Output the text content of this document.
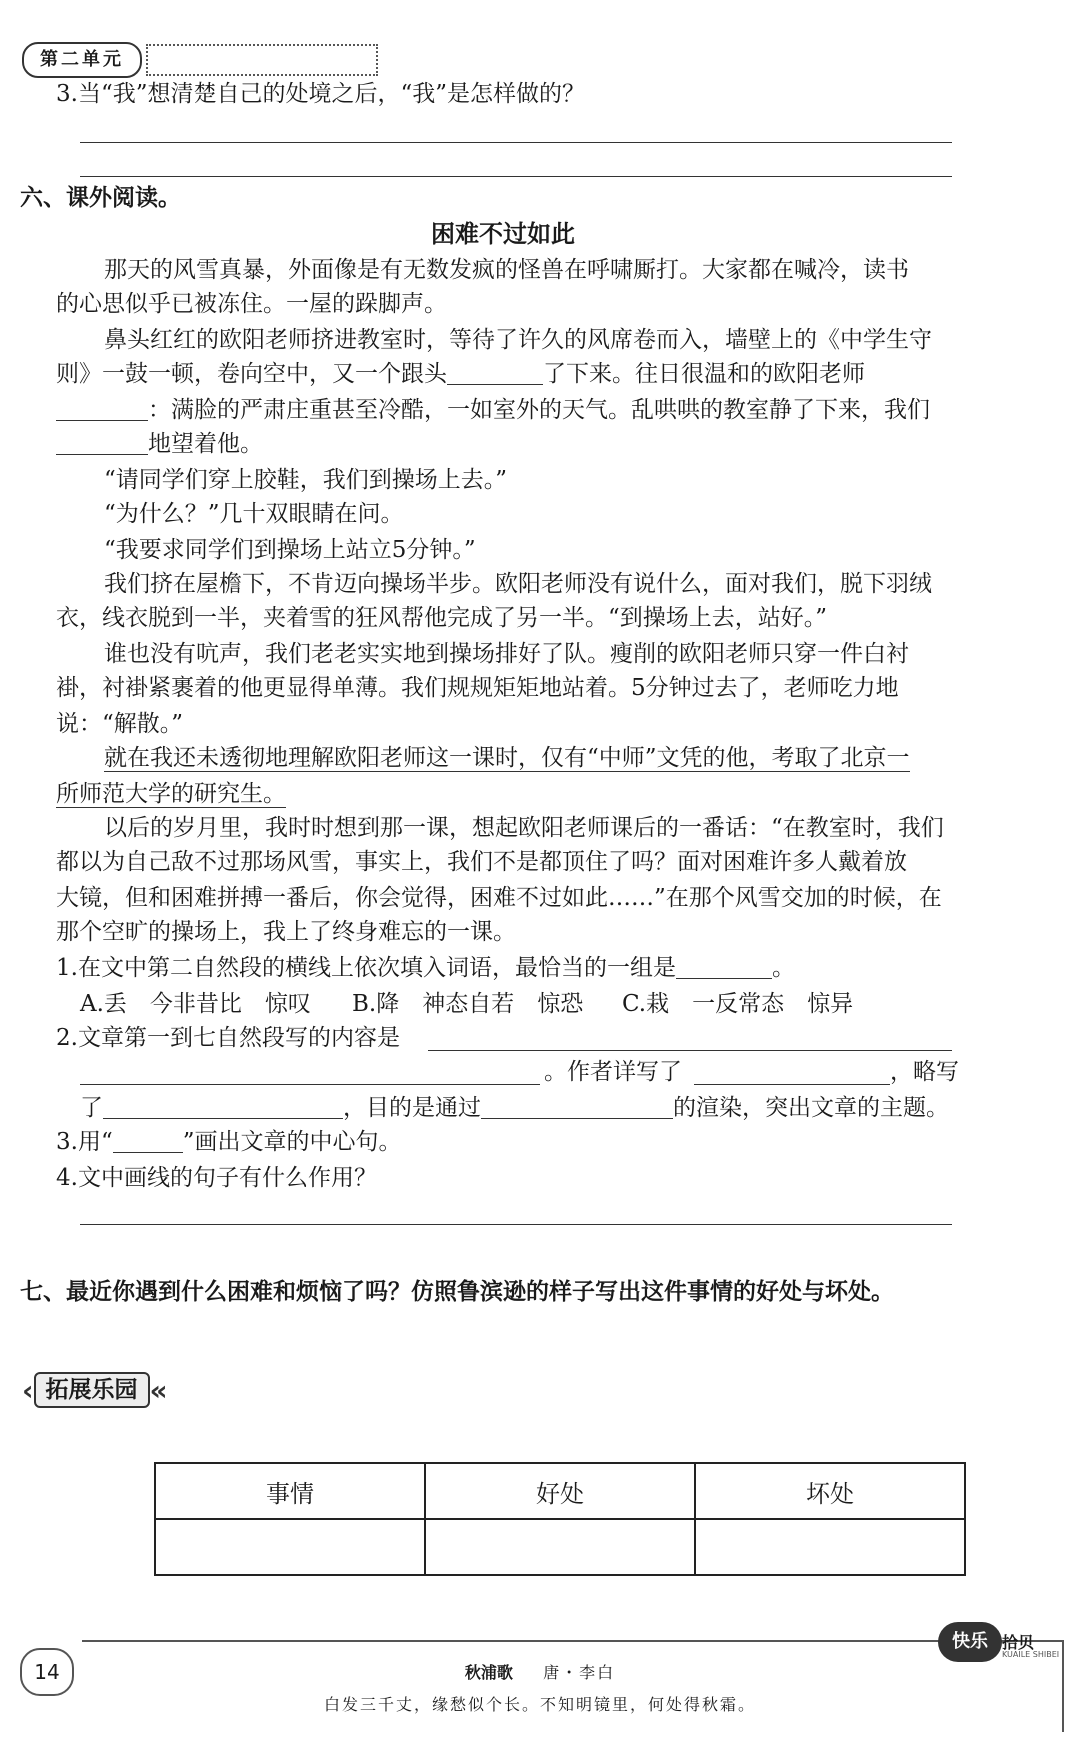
第二单元
3.当“我”想清楚自己的处境之后，“我”是怎样做的？
六、课外阅读。
困难不过如此
那天的风雪真暴，外面像是有无数发疯的怪兽在呼啸厮打。大家都在喊冷，读书
的心思似乎已被冻住。一屋的跺脚声。
鼻头红红的欧阳老师挤进教室时，等待了许久的风席卷而入，墙壁上的《中学生守
则》一鼓一顿，卷向空中，又一个跟头	了下来。往日很温和的欧阳老师
：满脸的严肃庄重甚至冷酷，一如室外的天气。乱哄哄的教室静了下来，我们
地望着他。
“请同学们穿上胶鞋，我们到操场上去。”
“为什么？”几十双眼睛在问。
“我要求同学们到操场上站立5分钟。”
我们挤在屋檐下，不肯迈向操场半步。欧阳老师没有说什么，面对我们，脱下羽绒
衣，线衣脱到一半，夹着雪的狂风帮他完成了另一半。“到操场上去，站好。”
谁也没有吭声，我们老老实实地到操场排好了队。瘦削的欧阳老师只穿一件白衬
褂，衬褂紧裹着的他更显得单薄。我们规规矩矩地站着。5分钟过去了，老师吃力地
说：“解散。”
就在我还未透彻地理解欧阳老师这一课时，仅有“中师”文凭的他，考取了北京一
所师范大学的研究生。
以后的岁月里，我时时想到那一课，想起欧阳老师课后的一番话：“在教室时，我们
都以为自己敌不过那场风雪，事实上，我们不是都顶住了吗？面对困难许多人戴着放
大镜，但和困难拼搏一番后，你会觉得，困难不过如此……”在那个风雪交加的时候，在
那个空旷的操场上，我上了终身难忘的一课。
1.在文中第二自然段的横线上依次填入词语，最恰当的一组是	。
A.丢　今非昔比　惊叹 B.降　神态自若　惊恐 C.栽　一反常态　惊异
2.文章第一到七自然段写的内容是
。作者详写了	，略写
了	，目的是通过	的渲染，突出文章的主题。
3.用“	”画出文章的中心句。
4.文中画线的句子有什么作用？
‹ 拓展乐园 «
七、最近你遇到什么困难和烦恼了吗？仿照鲁滨逊的样子写出这件事情的好处与坏处。
事情	好处	坏处

14	秋浦歌 唐・李白
白发三千丈，缘愁似个长。不知明镜里，何处得秋霜。
快乐 拾贝
KUAILE SHIBEI
